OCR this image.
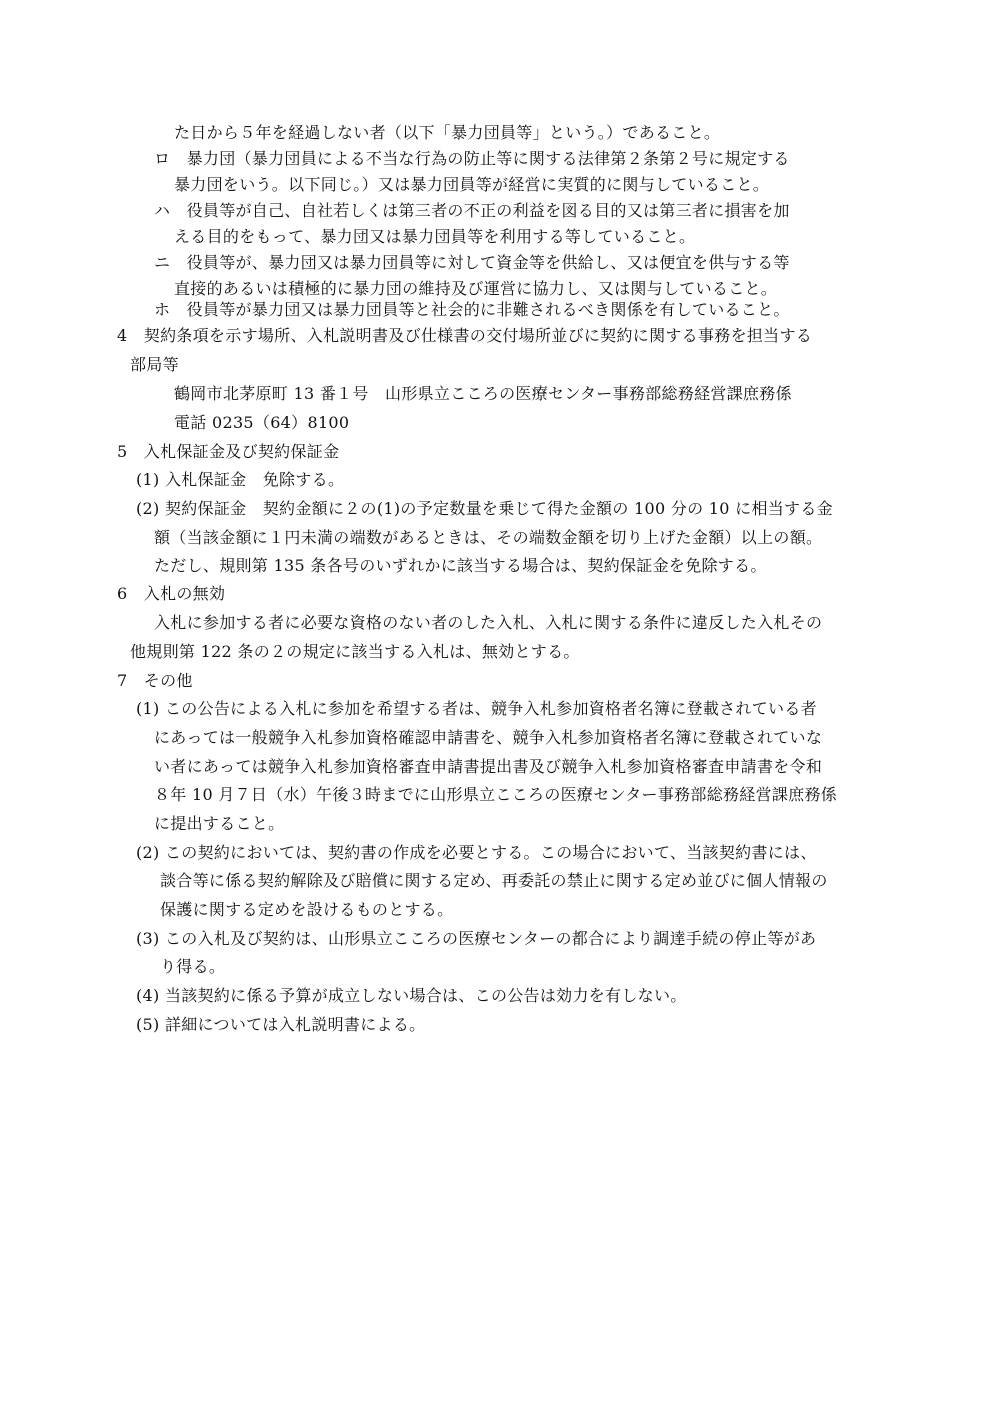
た日から５年を経過しない者（以下「暴力団員等」という。）であること。
ロ　暴力団（暴力団員による不当な行為の防止等に関する法律第２条第２号に規定する
暴力団をいう。以下同じ。）又は暴力団員等が経営に実質的に関与していること。
ハ　役員等が自己、自社若しくは第三者の不正の利益を図る目的又は第三者に損害を加
える目的をもって、暴力団又は暴力団員等を利用する等していること。
ニ　役員等が、暴力団又は暴力団員等に対して資金等を供給し、又は便宜を供与する等
直接的あるいは積極的に暴力団の維持及び運営に協力し、又は関与していること。
ホ　役員等が暴力団又は暴力団員等と社会的に非難されるべき関係を有していること。
4　契約条項を示す場所、入札説明書及び仕様書の交付場所並びに契約に関する事務を担当する
部局等
鶴岡市北茅原町 13 番１号　山形県立こころの医療センター事務部総務経営課庶務係
電話 0235（64）8100
5　入札保証金及び契約保証金
(1) 入札保証金　免除する。
(2) 契約保証金　契約金額に２の(1)の予定数量を乗じて得た金額の 100 分の 10 に相当する金
額（当該金額に１円未満の端数があるときは、その端数金額を切り上げた金額）以上の額。
ただし、規則第 135 条各号のいずれかに該当する場合は、契約保証金を免除する。
6　入札の無効
入札に参加する者に必要な資格のない者のした入札、入札に関する条件に違反した入札その
他規則第 122 条の２の規定に該当する入札は、無効とする。
7　その他
(1) この公告による入札に参加を希望する者は、競争入札参加資格者名簿に登載されている者
にあっては一般競争入札参加資格確認申請書を、競争入札参加資格者名簿に登載されていな
い者にあっては競争入札参加資格審査申請書提出書及び競争入札参加資格審査申請書を令和
８年 10 月７日（水）午後３時までに山形県立こころの医療センター事務部総務経営課庶務係
に提出すること。
(2) この契約においては、契約書の作成を必要とする。この場合において、当該契約書には、
談合等に係る契約解除及び賠償に関する定め、再委託の禁止に関する定め並びに個人情報の
保護に関する定めを設けるものとする。
(3) この入札及び契約は、山形県立こころの医療センターの都合により調達手続の停止等があ
り得る。
(4) 当該契約に係る予算が成立しない場合は、この公告は効力を有しない。
(5) 詳細については入札説明書による。
